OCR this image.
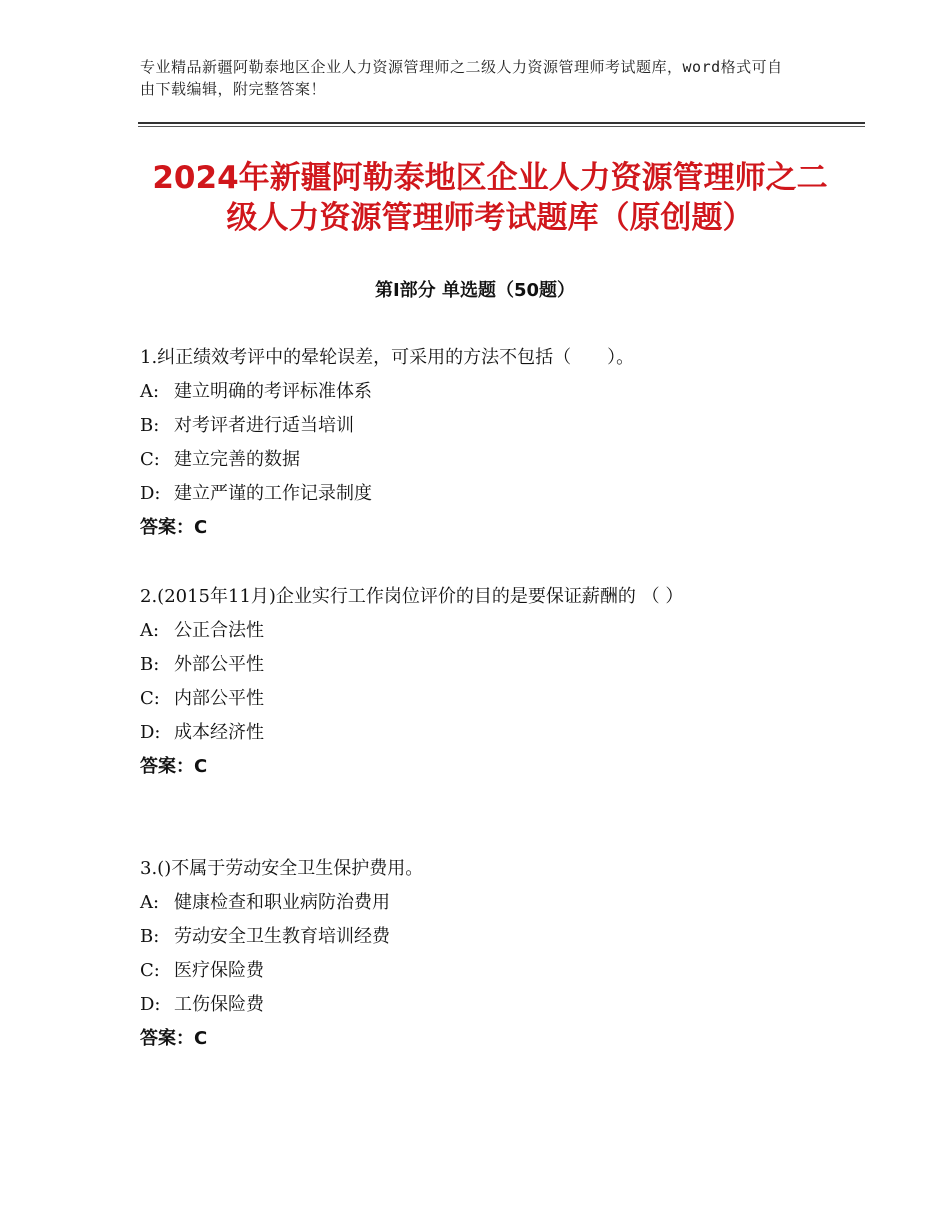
专业精品新疆阿勒泰地区企业人力资源管理师之二级人力资源管理师考试题库，word格式可自由下载编辑，附完整答案！
2024年新疆阿勒泰地区企业人力资源管理师之二级人力资源管理师考试题库（原创题）
第Ⅰ部分 单选题（50题）
1.纠正绩效考评中的晕轮误差，可采用的方法不包括（　　）。
A: 建立明确的考评标准体系
B: 对考评者进行适当培训
C: 建立完善的数据
D: 建立严谨的工作记录制度
答案：C
2.(2015年11月)企业实行工作岗位评价的目的是要保证薪酬的 （ ）
A: 公正合法性
B: 外部公平性
C: 内部公平性
D: 成本经济性
答案：C
3.()不属于劳动安全卫生保护费用。
A: 健康检查和职业病防治费用
B: 劳动安全卫生教育培训经费
C: 医疗保险费
D: 工伤保险费
答案：C
